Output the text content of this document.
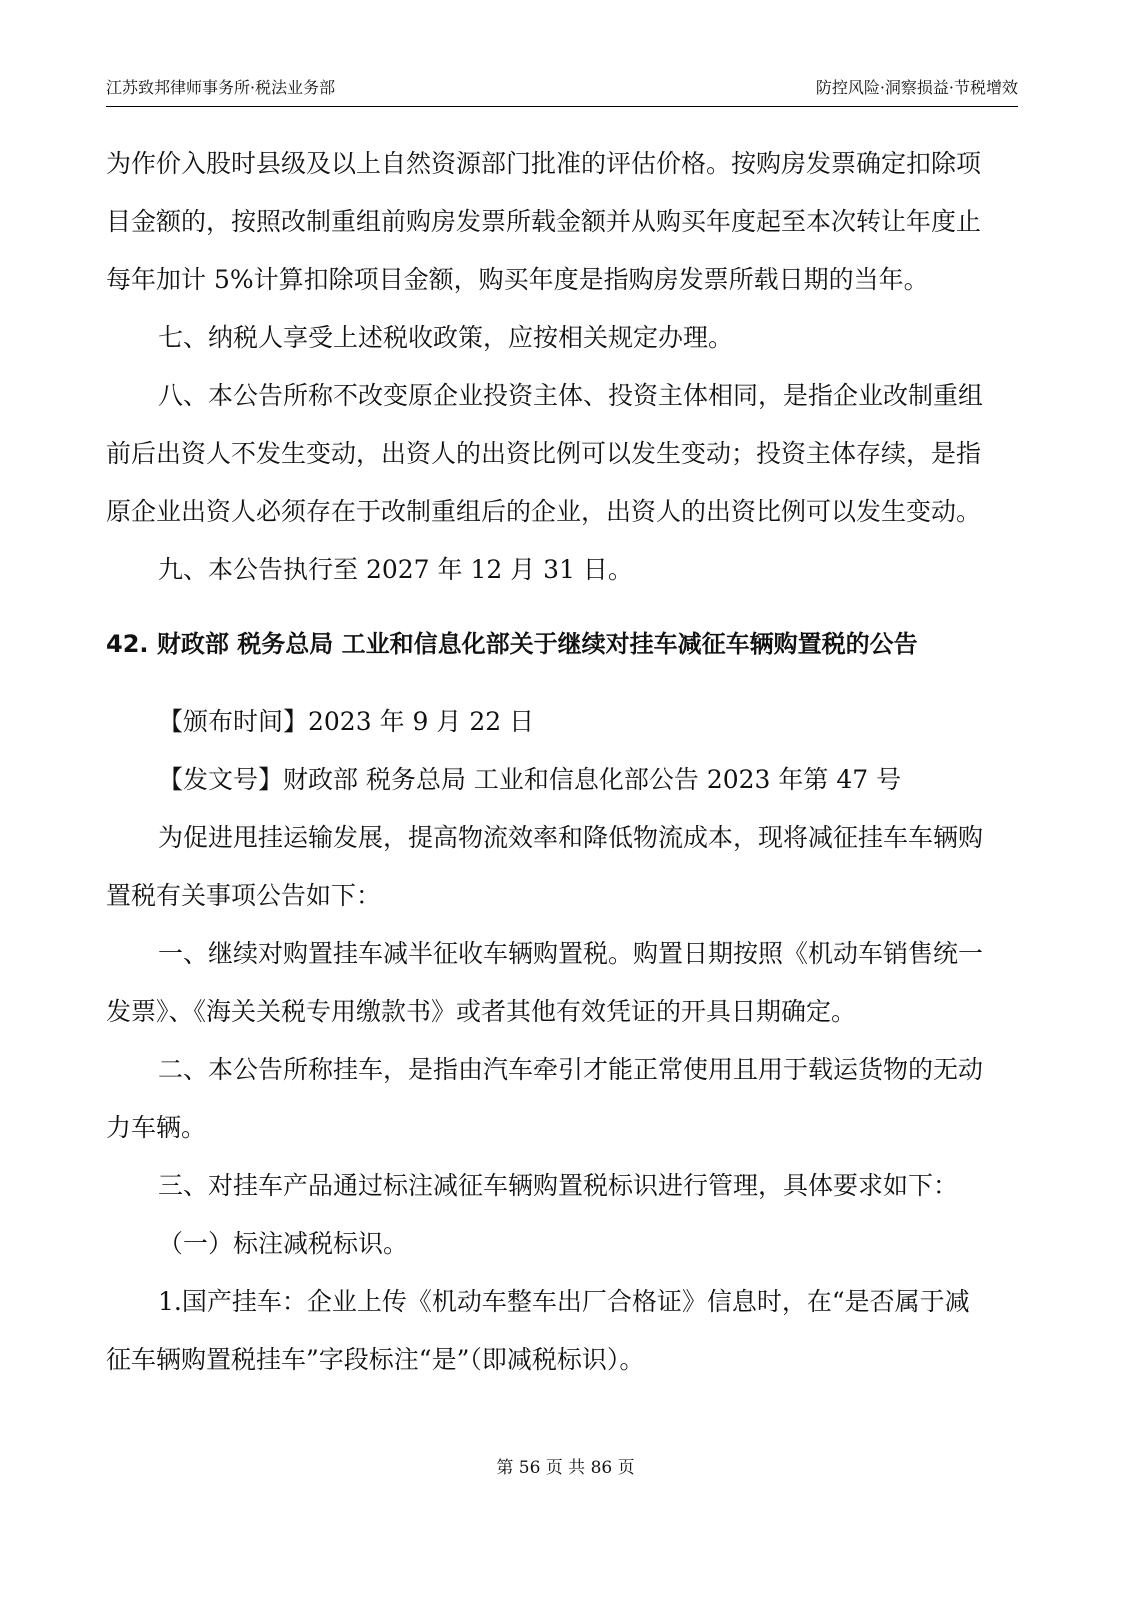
江苏致邦律师事务所·税法业务部	防控风险·洞察损益·节税增效
为作价入股时县级及以上自然资源部门批准的评估价格。按购房发票确定扣除项
目金额的，按照改制重组前购房发票所载金额并从购买年度起至本次转让年度止
每年加计 5%计算扣除项目金额，购买年度是指购房发票所载日期的当年。
七、纳税人享受上述税收政策，应按相关规定办理。
八、本公告所称不改变原企业投资主体、投资主体相同，是指企业改制重组
前后出资人不发生变动，出资人的出资比例可以发生变动；投资主体存续，是指
原企业出资人必须存在于改制重组后的企业，出资人的出资比例可以发生变动。
九、本公告执行至 2027 年 12 月 31 日。
42. 财政部 税务总局 工业和信息化部关于继续对挂车减征车辆购置税的公告
【颁布时间】2023 年 9 月 22 日
【发文号】财政部 税务总局 工业和信息化部公告 2023 年第 47 号
为促进甩挂运输发展，提高物流效率和降低物流成本，现将减征挂车车辆购
置税有关事项公告如下：
一、继续对购置挂车减半征收车辆购置税。购置日期按照《机动车销售统一
发票》、《海关关税专用缴款书》或者其他有效凭证的开具日期确定。
二、本公告所称挂车，是指由汽车牵引才能正常使用且用于载运货物的无动
力车辆。
三、对挂车产品通过标注减征车辆购置税标识进行管理，具体要求如下：
（一）标注减税标识。
1.国产挂车：企业上传《机动车整车出厂合格证》信息时，在“是否属于减
征车辆购置税挂车”字段标注“是”（即减税标识）。
第 56 页 共 86 页
